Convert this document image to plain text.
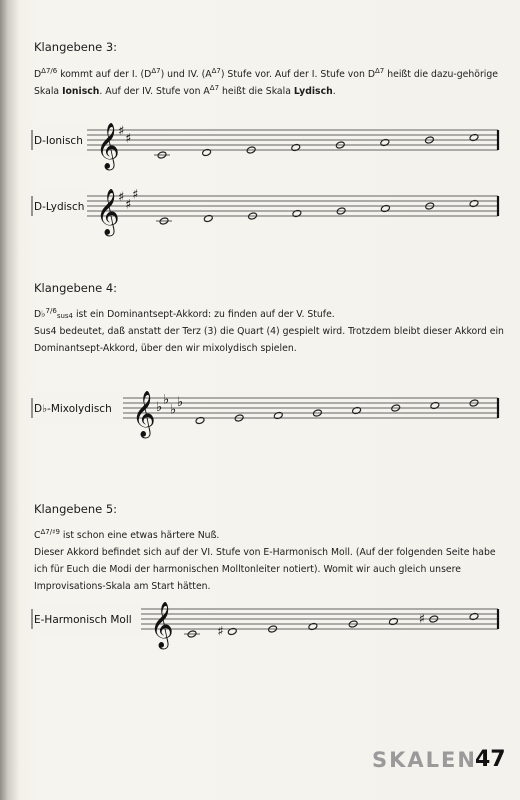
Klangebene 3:
$D^{\Delta 7/6}$ kommt auf der I. $(D^{\Delta 7})$ und IV. $(A^{\Delta 7})$ Stufe vor. Auf der I. Stufe von $D^{\Delta 7}$ heißt die dazu-gehörige Skala Ionisch. Auf der IV. Stufe von $A^{\Delta 7}$ heißt die Skala Lydisch.
D-Ionisch 𝄞
♯ ♯
D-Lydisch 𝄞
♯ ♯
♯
Klangebene 4:
D♭$^{7/6}_{sus4}$ ist ein Dominantsept-Akkord: zu finden auf der V. Stufe.
Sus4 bedeutet, daß anstatt der Terz (3) die Quart (4) gespielt wird. Trotzdem bleibt dieser Akkord ein Dominantsept-Akkord, über den wir mixolydisch spielen.
D♭-Mixolydisch 𝄞 ♭ ♭
♭ ♭
Klangebene 5:
$C^{\Delta 7/♯9}$ ist schon eine etwas härtere Nuß.
Dieser Akkord befindet sich auf der VI. Stufe von E-Harmonisch Moll. (Auf der folgenden Seite habe ich für Euch die Modi der harmonischen Molltonleiter notiert). Womit wir auch gleich unsere Improvisations-Skala am Start hätten.
E-Harmonisch Moll 𝄞	♯
♯
SKALEN
47
